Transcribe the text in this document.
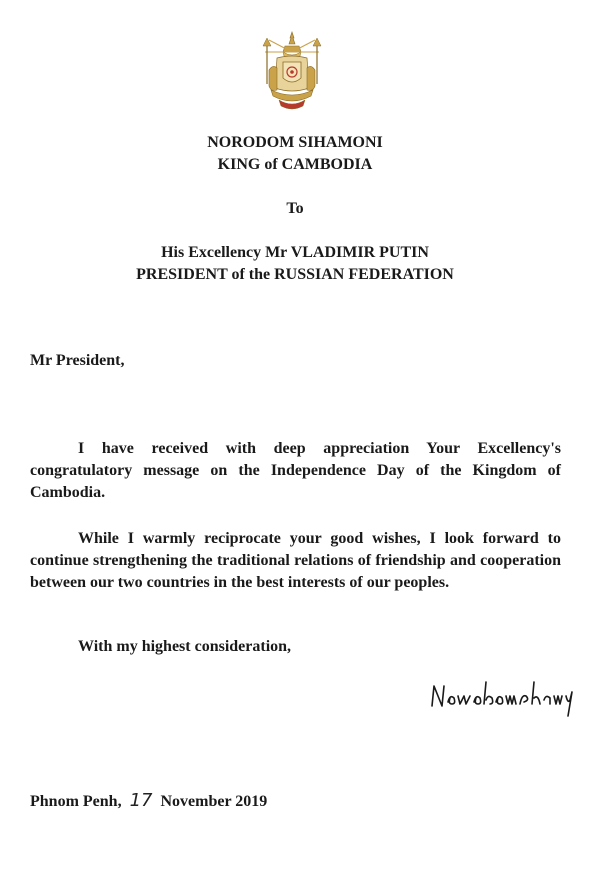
NORODOM SIHAMONI
KING of CAMBODIA
To
His Excellency Mr VLADIMIR PUTIN
PRESIDENT of the RUSSIAN FEDERATION
Mr President,

I have received with deep appreciation Your Excellency's congratulatory message on the Independence Day of the Kingdom of Cambodia.

While I warmly reciprocate your good wishes, I look forward to continue strengthening the traditional relations of friendship and cooperation between our two countries in the best interests of our peoples.

With my highest consideration,
Phnom Penh, 17 November 2019
